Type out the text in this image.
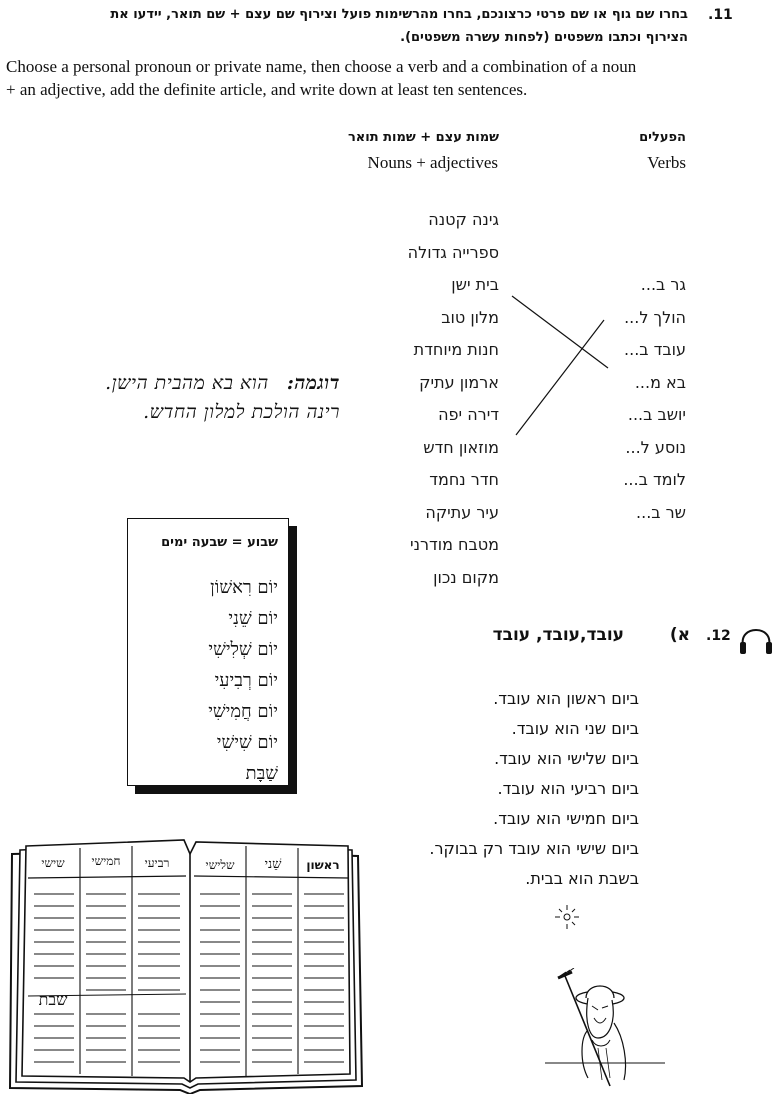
.11
בחרו שם גוף או שם פרטי כרצונכם, בחרו מהרשימות פועל וצירוף שם עצם + שם תואר, יידעו את
הצירוף וכתבו משפטים (לפחות עשרה משפטים).
Choose a personal pronoun or private name, then choose a verb and a combination of a noun
+ an adjective, add the definite article, and write down at least ten sentences.
שמות עצם + שמות תואר
Nouns + adjectives
הפעלים
Verbs
גינה קטנה
ספרייה גדולה
בית ישן
מלון טוב
חנות מיוחדת
ארמון עתיק
דירה יפה
מוזאון חדש
חדר נחמד
עיר עתיקה
מטבח מודרני
מקום נכון
גר ב...
הולך ל...
עובד ב...
בא מ...
יושב ב...
נוסע ל...
לומד ב...
שר ב...
דוגמה:
הוא בא מהבית הישן.
רינה הולכת למלון החדש.
שבוע = שבעה ימים
יוֹם רִאשׁוֹן
יוֹם שֵׁנִי
יוֹם שְׁלִישִׁי
יוֹם רְבִיעִי
יוֹם חֲמִישִׁי
יוֹם שִׁישִׁי
שַׁבָּת
.12
א)
עובד,עובד, עובד
ביום ראשון הוא עובד.
ביום שני הוא עובד.
ביום שלישי הוא עובד.
ביום רביעי הוא עובד.
ביום חמישי הוא עובד.
ביום שישי הוא עובד רק בבוקר.
בשבת הוא בבית.
ראשון
שֵׁני
שלישי
רביעי
חמישי
שישי
שבת
